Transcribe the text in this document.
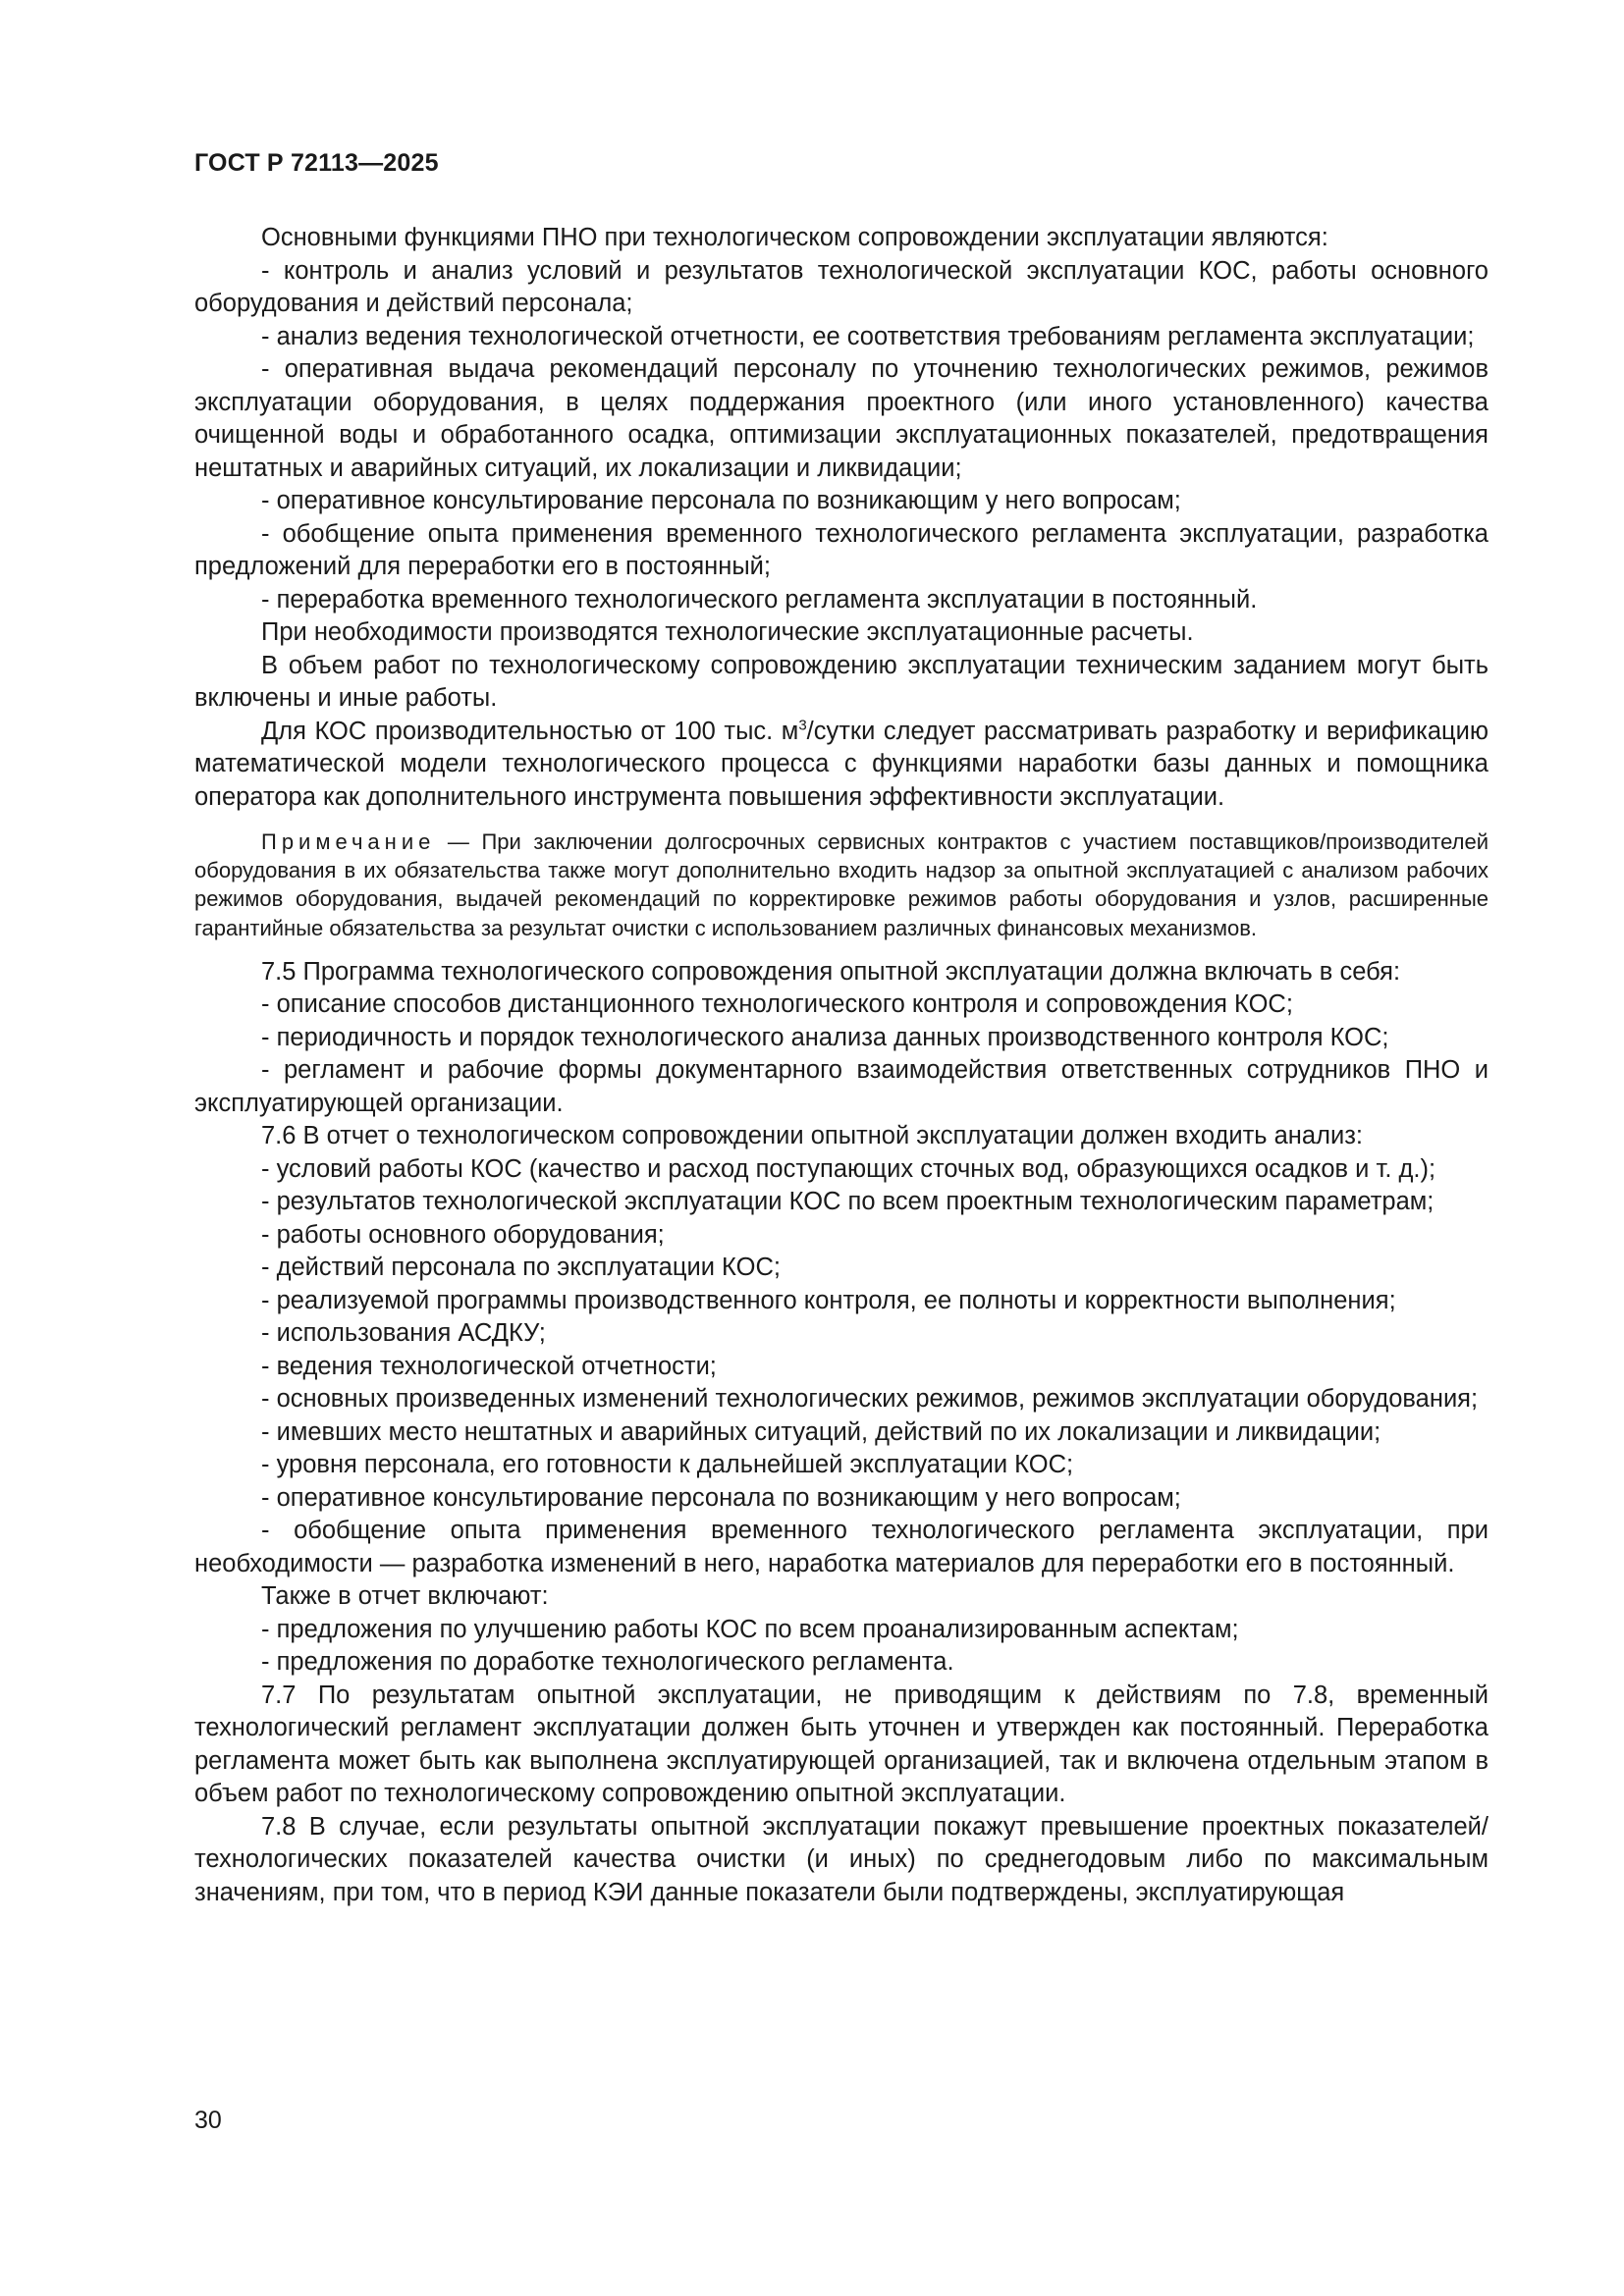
ГОСТ Р 72113—2025

Основными функциями ПНО при технологическом сопровождении эксплуатации являются:

- контроль и анализ условий и результатов технологической эксплуатации КОС, работы основного оборудования и действий персонала;

- анализ ведения технологической отчетности, ее соответствия требованиям регламента эксплуатации;

- оперативная выдача рекомендаций персоналу по уточнению технологических режимов, режимов эксплуатации оборудования, в целях поддержания проектного (или иного установленного) качества очищенной воды и обработанного осадка, оптимизации эксплуатационных показателей, предотвращения нештатных и аварийных ситуаций, их локализации и ликвидации;

- оперативное консультирование персонала по возникающим у него вопросам;

- обобщение опыта применения временного технологического регламента эксплуатации, разработка предложений для переработки его в постоянный;

- переработка временного технологического регламента эксплуатации в постоянный.

При необходимости производятся технологические эксплуатационные расчеты.

В объем работ по технологическому сопровождению эксплуатации техническим заданием могут быть включены и иные работы.

Для КОС производительностью от 100 тыс. $м^3$/сутки следует рассматривать разработку и верификацию математической модели технологического процесса с функциями наработки базы данных и помощника оператора как дополнительного инструмента повышения эффективности эксплуатации.

Примечание — При заключении долгосрочных сервисных контрактов с участием поставщиков/производителей оборудования в их обязательства также могут дополнительно входить надзор за опытной эксплуатацией с анализом рабочих режимов оборудования, выдачей рекомендаций по корректировке режимов работы оборудования и узлов, расширенные гарантийные обязательства за результат очистки с использованием различных финансовых механизмов.

7.5 Программа технологического сопровождения опытной эксплуатации должна включать в себя:

- описание способов дистанционного технологического контроля и сопровождения КОС;

- периодичность и порядок технологического анализа данных производственного контроля КОС;

- регламент и рабочие формы документарного взаимодействия ответственных сотрудников ПНО и эксплуатирующей организации.

7.6 В отчет о технологическом сопровождении опытной эксплуатации должен входить анализ:

- условий работы КОС (качество и расход поступающих сточных вод, образующихся осадков и т. д.);

- результатов технологической эксплуатации КОС по всем проектным технологическим параметрам;

- работы основного оборудования;

- действий персонала по эксплуатации КОС;

- реализуемой программы производственного контроля, ее полноты и корректности выполнения;

- использования АСДКУ;

- ведения технологической отчетности;

- основных произведенных изменений технологических режимов, режимов эксплуатации оборудования;

- имевших место нештатных и аварийных ситуаций, действий по их локализации и ликвидации;

- уровня персонала, его готовности к дальнейшей эксплуатации КОС;

- оперативное консультирование персонала по возникающим у него вопросам;

- обобщение опыта применения временного технологического регламента эксплуатации, при необходимости — разработка изменений в него, наработка материалов для переработки его в постоянный.

Также в отчет включают:

- предложения по улучшению работы КОС по всем проанализированным аспектам;

- предложения по доработке технологического регламента.

7.7 По результатам опытной эксплуатации, не приводящим к действиям по 7.8, временный технологический регламент эксплуатации должен быть уточнен и утвержден как постоянный. Переработка регламента может быть как выполнена эксплуатирующей организацией, так и включена отдельным этапом в объем работ по технологическому сопровождению опытной эксплуатации.

7.8 В случае, если результаты опытной эксплуатации покажут превышение проектных показателей/технологических показателей качества очистки (и иных) по среднегодовым либо по максимальным значениям, при том, что в период КЭИ данные показатели были подтверждены, эксплуатирующая

30
